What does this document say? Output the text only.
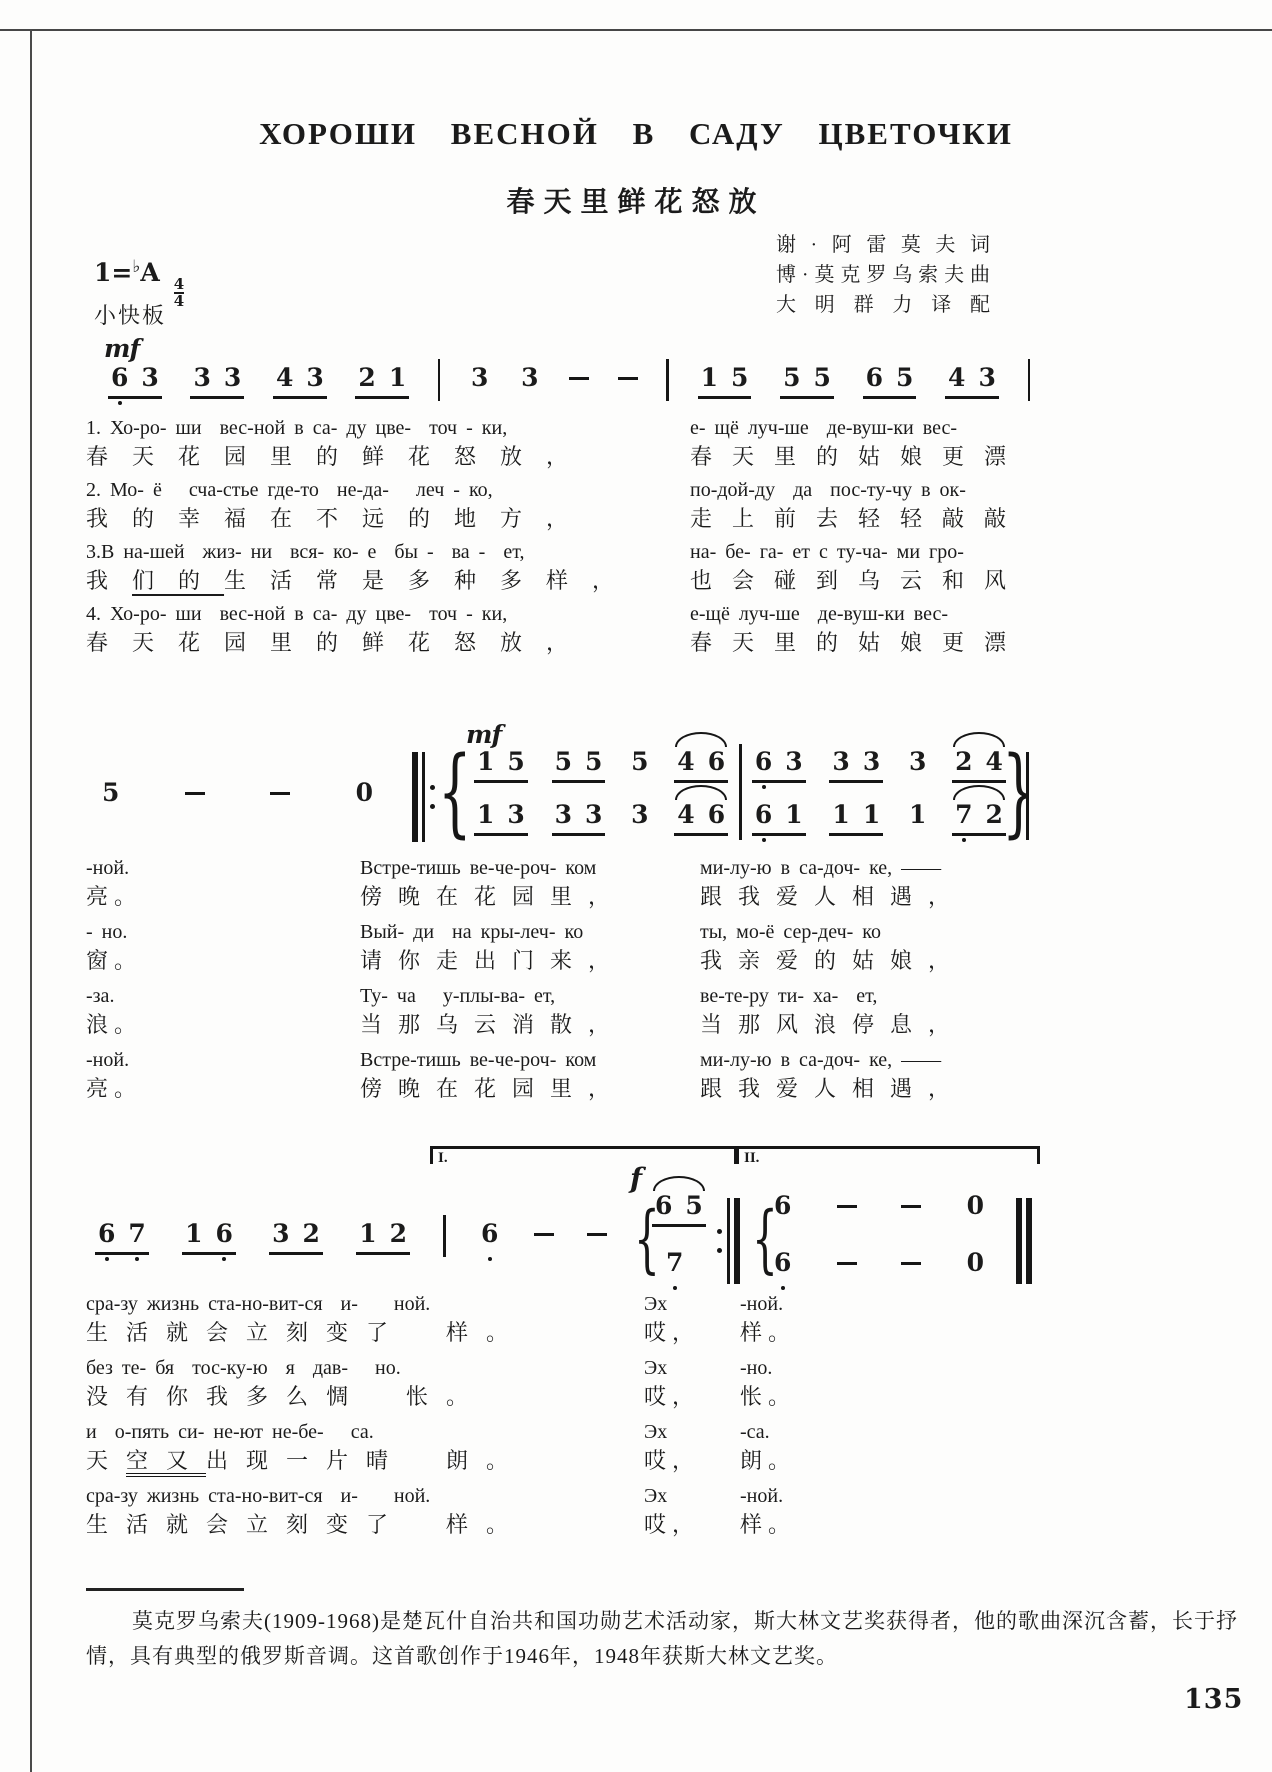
ХОРОШИ ВЕСНОЙ В САДУ ЦВЕТОЧКИ
春天里鲜花怒放
谢·阿雷莫夫词
博·莫克罗乌索夫曲
大明群力译配
1=♭A
$\frac{4}{4}$
小快板
mf
6 3 3 3 4 3 2 1	3 3	1 5 5 5 6 5 4 3
1. Хо-ро- ши  вес-ной в са- ду цве-  точ - ки,
春天花园里的鲜花怒放，
2. Мо- ё   сча-стье где-то  не-да-   леч - ко,
我的幸福在不远的地方，
3.В на-шей  жиз- ни  вся- ко- е  бы -  ва -  ет,
我们的生活常是多种多样，
4. Хо-ро- ши  вес-ной в са- ду цве-  точ - ки,
春天花园里的鲜花怒放，
е- щё луч-ше  де-вуш-ки вес-
春天里的姑娘更漂
по-дой-ду  да  пос-ту-чу в ок-
走上前去轻轻敲敲
на- бе- га- ет с ту-ча- ми гро-
也会碰到乌云和风
е-щё луч-ше  де-вуш-ки вес-
春天里的姑娘更漂
mf
5	0
{
1 5 5 5 5 4 6 6 3 3 3 3 2 4
1 3 3 3 3 4 6 6 1 1 1 1 7 2
}
-ной.
亮。
- но.
窗。
-за.
浪。
-ной.
亮。
Встре-тишь ве-че-роч- ком
傍晚在花园里，
Вый- ди  на кры-леч- ко
请你走出门来，
Ту- ча   у-плы-ва- ет,
当那乌云消散，
Встре-тишь ве-че-роч- ком
傍晚在花园里，
ми-лу-ю в са-доч- ке, ——
跟我爱人相遇，
ты, мо-ё сер-деч- ко
我亲爱的姑娘，
ве-те-ру ти- ха-  ет,
当那风浪停息，
ми-лу-ю в са-доч- ке, ——
跟我爱人相遇，
I.	II.
f
6 7 1 6 3 2 1 2	6
{
6 5
7
{
6	0
6	0
сра-зу жизнь ста-но-вит-ся  и-    ной.
生活就会立刻变了　样。
без те- бя  тос-ку-ю  я  дав-   но.
没有你我多么惆　怅。
и  о-пять си- не-ют не-бе-   са.
天空又出现一片晴　朗。
сра-зу жизнь ста-но-вит-ся  и-    ной.
生活就会立刻变了　样。
Эх
哎，
Эх
哎，
Эх
哎，
Эх
哎，
-ной.
样。
-но.
怅。
-са.
朗。
-ной.
样。
莫克罗乌索夫(1909-1968)是楚瓦什自治共和国功勋艺术活动家，斯大林文艺奖获得者，他的歌曲深沉含蓄，长于抒情，具有典型的俄罗斯音调。这首歌创作于1946年，1948年获斯大林文艺奖。
135
